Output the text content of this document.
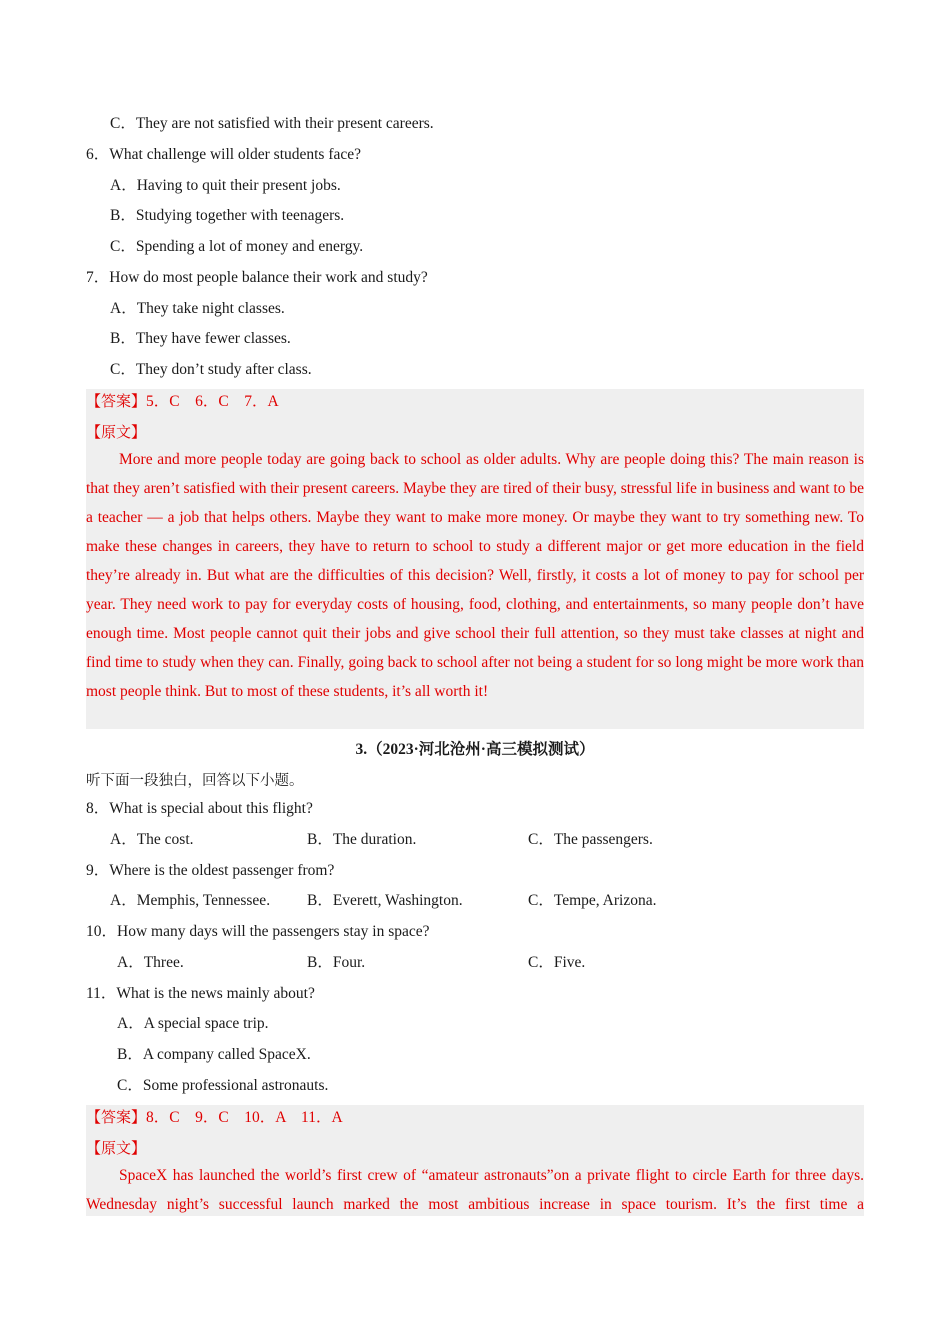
C．They are not satisfied with their present careers.
6．What challenge will older students face?
A．Having to quit their present jobs.
B．Studying together with teenagers.
C．Spending a lot of money and energy.
7．How do most people balance their work and study?
A．They take night classes.
B．They have fewer classes.
C．They don’t study after class.
【答案】5．C　6．C　7．A
【原文】

More and more people today are going back to school as older adults. Why are people doing this? The main reason is that they aren’t satisfied with their present careers. Maybe they are tired of their busy, stressful life in business and want to be a teacher — a job that helps others. Maybe they want to make more money. Or maybe they want to try something new. To make these changes in careers, they have to return to school to study a different major or get more education in the field they’re already in. But what are the difficulties of this decision? Well, firstly, it costs a lot of money to pay for school per year. They need work to pay for everyday costs of housing, food, clothing, and entertainments, so many people don’t have enough time. Most people cannot quit their jobs and give school their full attention, so they must take classes at night and find time to study when they can. Finally, going back to school after not being a student for so long might be more work than most people think. But to most of these students, it’s all worth it!

3.（2023·河北沧州·高三模拟测试）
听下面一段独白，回答以下小题。
8．What is special about this flight?
A．The cost.	B．The duration.	C．The passengers.
9．Where is the oldest passenger from?
A．Memphis, Tennessee. B．Everett, Washington.	C．Tempe, Arizona.
10．How many days will the passengers stay in space?
A．Three.	B．Four.	C．Five.
11．What is the news mainly about?
A．A special space trip.
B．A company called SpaceX.
C．Some professional astronauts.
【答案】8．C　9．C　10．A　11．A
【原文】

SpaceX has launched the world’s first crew of “amateur astronauts”on a private flight to circle Earth for three days. Wednesday night’s successful launch marked the most ambitious increase in space tourism. It’s the first time a
